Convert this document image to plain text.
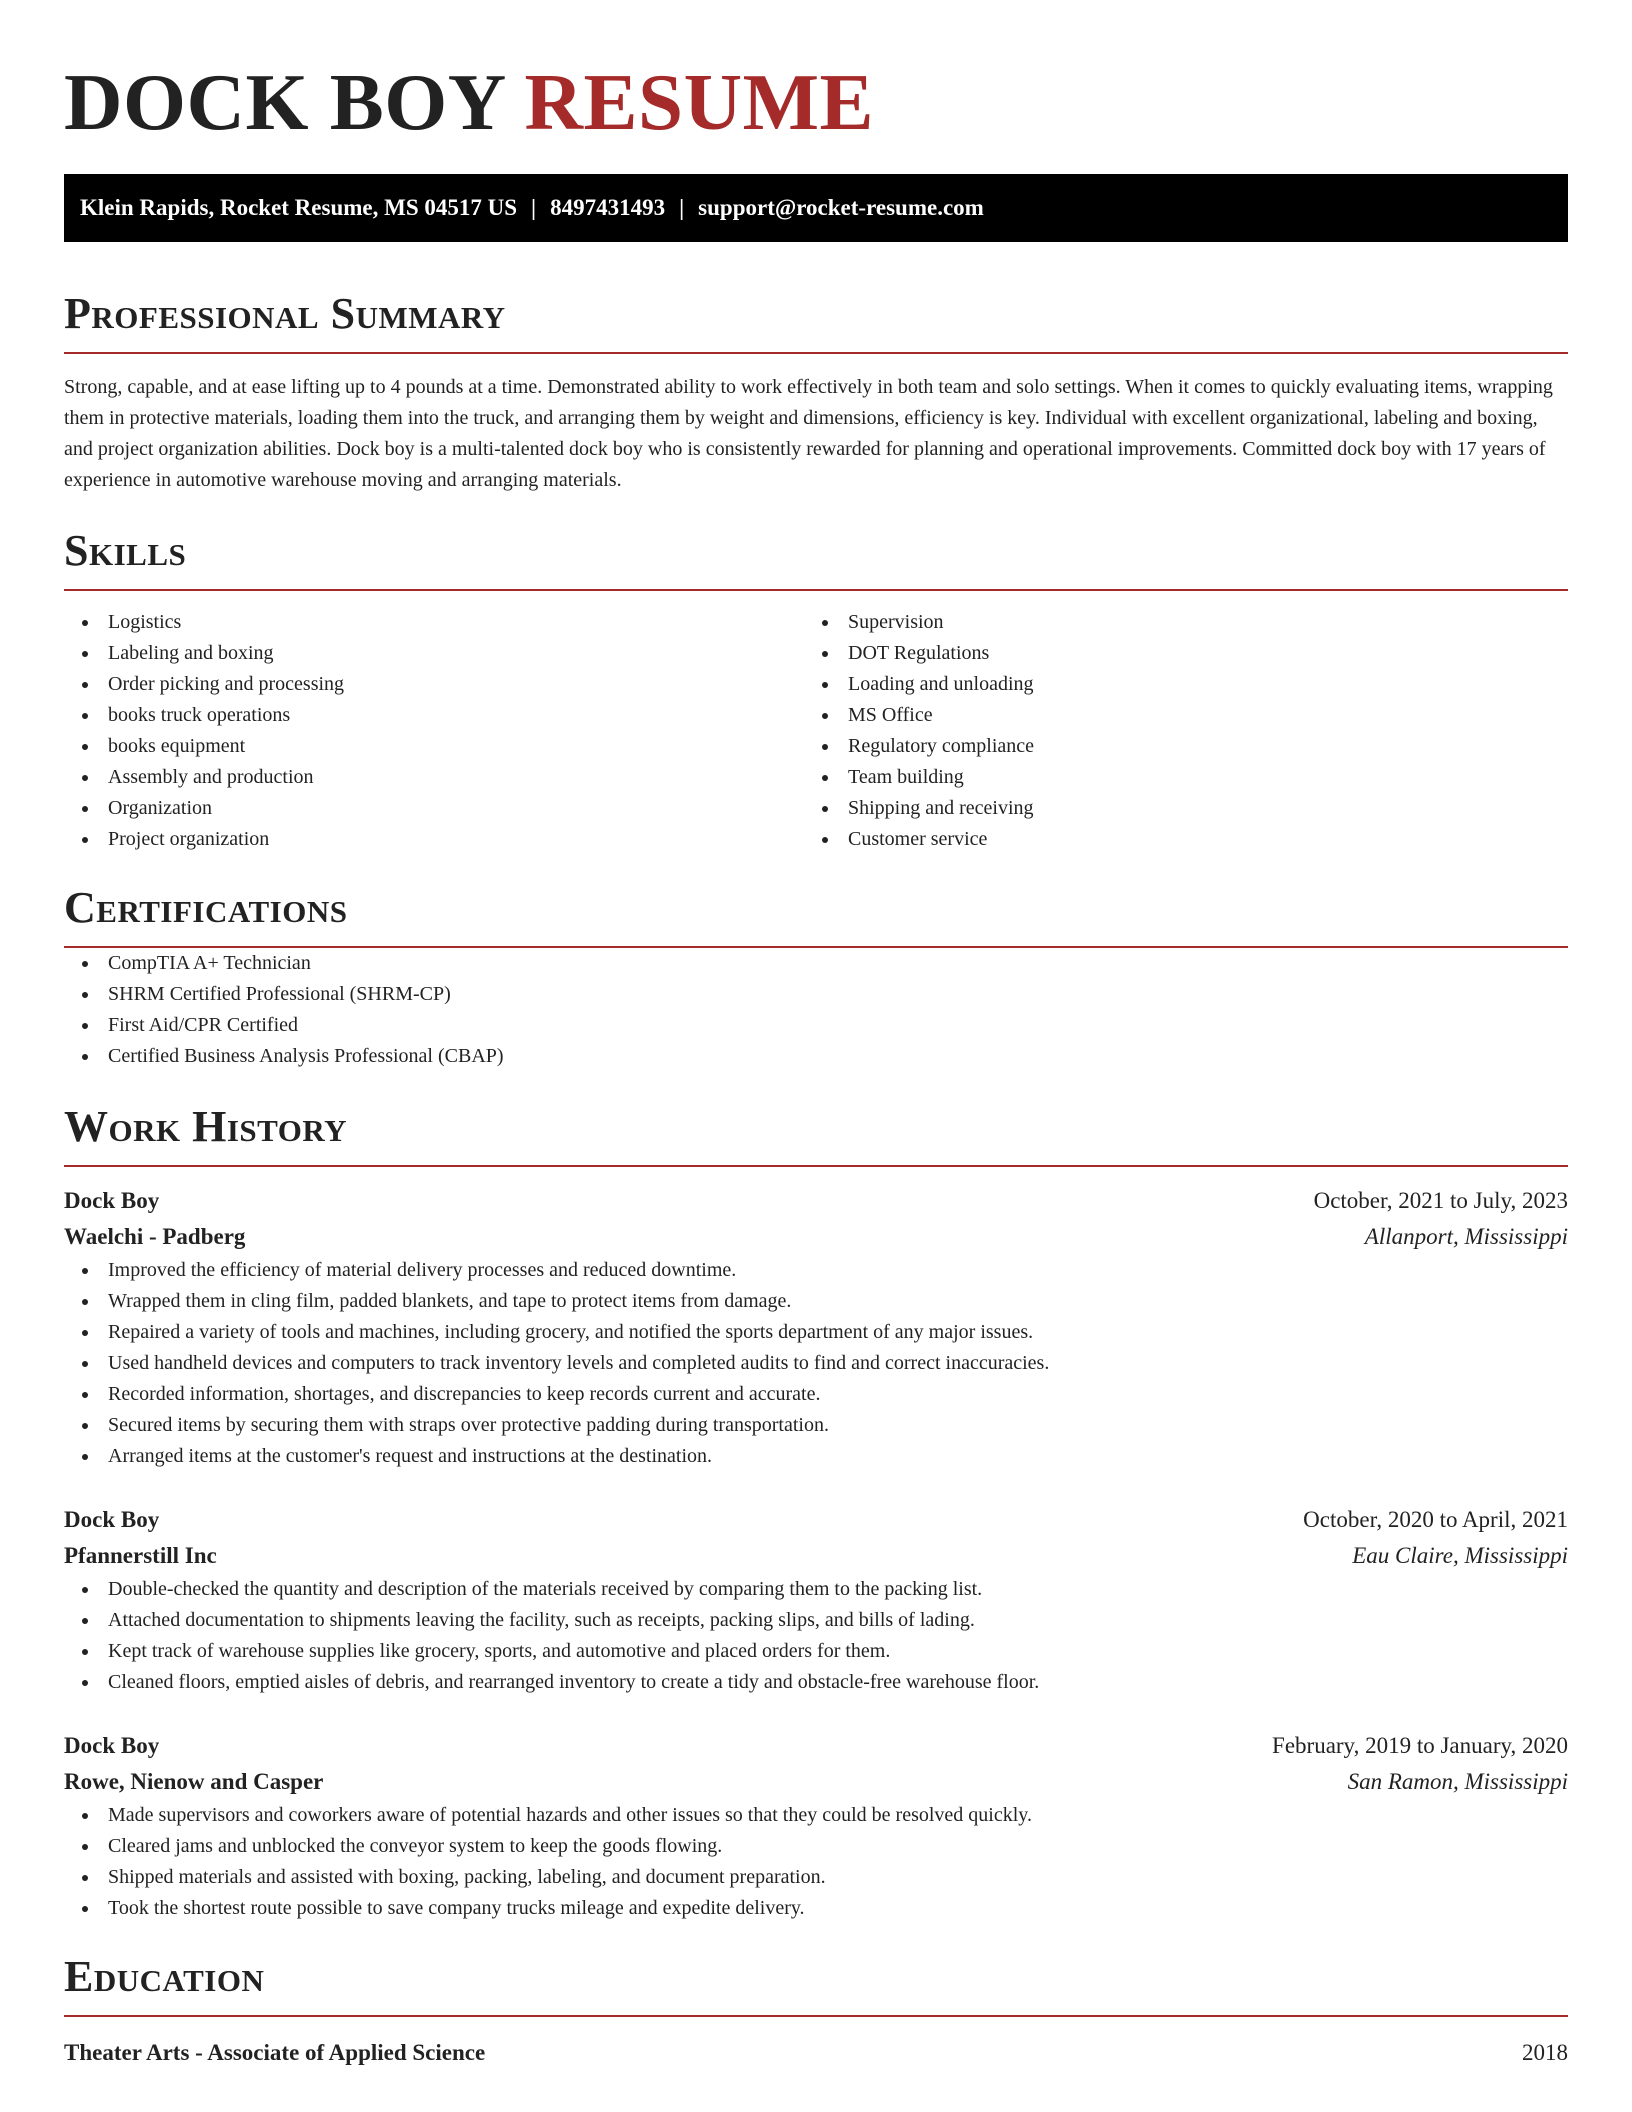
DOCK BOY RESUME
Klein Rapids, Rocket Resume, MS 04517 US | 8497431493 | support@rocket-resume.com
Professional Summary

Strong, capable, and at ease lifting up to 4 pounds at a time. Demonstrated ability to work effectively in both team and solo settings. When it comes to quickly evaluating items, wrapping them in protective materials, loading them into the truck, and arranging them by weight and dimensions, efficiency is key. Individual with excellent organizational, labeling and boxing, and project organization abilities. Dock boy is a multi-talented dock boy who is consistently rewarded for planning and operational improvements. Committed dock boy with 17 years of experience in automotive warehouse moving and arranging materials.

Skills
Logistics
Labeling and boxing
Order picking and processing
books truck operations
books equipment
Assembly and production
Organization
Project organization
Supervision
DOT Regulations
Loading and unloading
MS Office
Regulatory compliance
Team building
Shipping and receiving
Customer service
Certifications
CompTIA A+ Technician
SHRM Certified Professional (SHRM-CP)
First Aid/CPR Certified
Certified Business Analysis Professional (CBAP)
Work History
Dock Boy	October, 2021 to July, 2023
Waelchi - Padberg	Allanport, Mississippi
Improved the efficiency of material delivery processes and reduced downtime.
Wrapped them in cling film, padded blankets, and tape to protect items from damage.
Repaired a variety of tools and machines, including grocery, and notified the sports department of any major issues.
Used handheld devices and computers to track inventory levels and completed audits to find and correct inaccuracies.
Recorded information, shortages, and discrepancies to keep records current and accurate.
Secured items by securing them with straps over protective padding during transportation.
Arranged items at the customer's request and instructions at the destination.
Dock Boy	October, 2020 to April, 2021
Pfannerstill Inc	Eau Claire, Mississippi
Double-checked the quantity and description of the materials received by comparing them to the packing list.
Attached documentation to shipments leaving the facility, such as receipts, packing slips, and bills of lading.
Kept track of warehouse supplies like grocery, sports, and automotive and placed orders for them.
Cleaned floors, emptied aisles of debris, and rearranged inventory to create a tidy and obstacle-free warehouse floor.
Dock Boy	February, 2019 to January, 2020
Rowe, Nienow and Casper	San Ramon, Mississippi
Made supervisors and coworkers aware of potential hazards and other issues so that they could be resolved quickly.
Cleared jams and unblocked the conveyor system to keep the goods flowing.
Shipped materials and assisted with boxing, packing, labeling, and document preparation.
Took the shortest route possible to save company trucks mileage and expedite delivery.
Education
Theater Arts - Associate of Applied Science	2018
